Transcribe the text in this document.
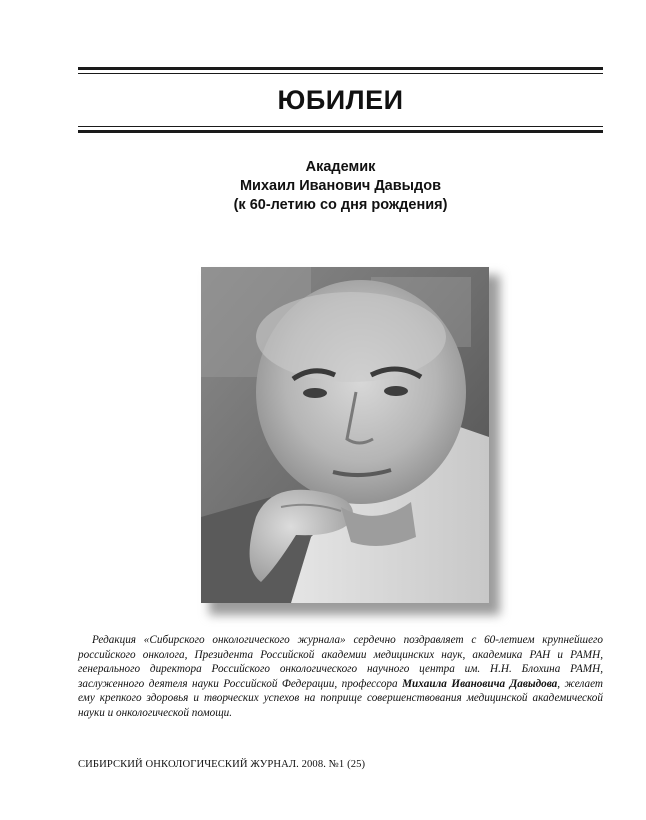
ЮБИЛЕИ
Академик
Михаил Иванович Давыдов
(к 60-летию со дня рождения)

Редакция «Сибирского онкологического журнала» сердечно поздравляет с 60-летием крупнейшего российского онколога, Президента Российской академии медицинских наук, академика РАН и РАМН, генерального директора Российского онкологического научного центра им. Н.Н. Блохина РАМН, заслуженного деятеля науки Российской Федерации, профессора Михаила Ивановича Давыдова, желает ему крепкого здоровья и творческих успехов на поприще совершенствования медицинской академической науки и онкологической помощи.

СИБИРСКИЙ ОНКОЛОГИЧЕСКИЙ ЖУРНАЛ. 2008. №1 (25)
